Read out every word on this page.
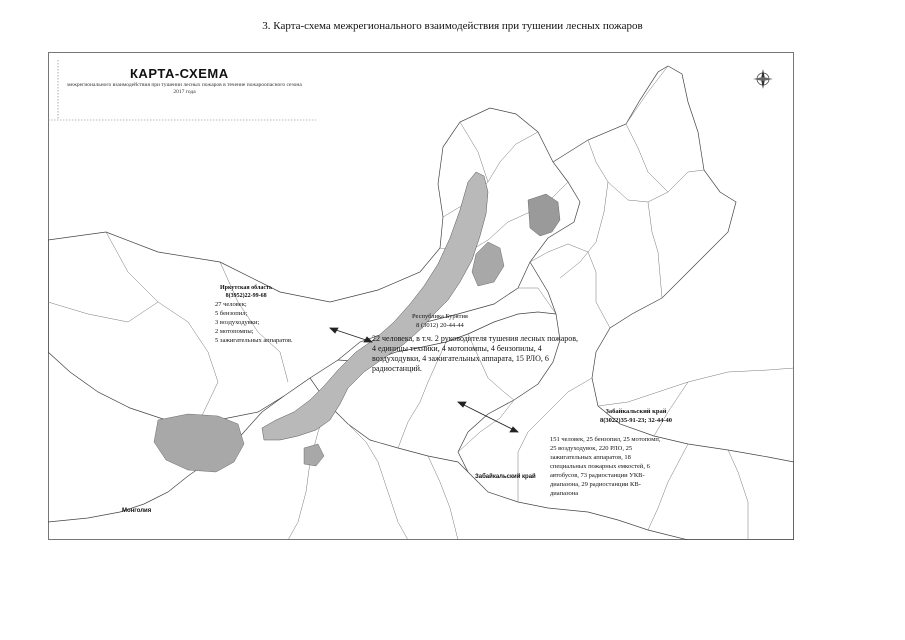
3. Карта-схема межрегионального взаимодействия при тушении лесных пожаров
КАРТА-СХЕМА
межрегионального взаимодействия при тушении лесных пожаров в течение пожароопасного сезона 2017 года
Иркутская область
8(3952)22-99-68
27 человек;
5 бензопил;
3 воздуходувки;
2 мотопомпы;
5 зажигательных аппаратов.
Республика Бурятия
8 (3012) 20-44-44
22 человека, в т.ч. 2 руководителя тушения лесных пожаров, 4 единицы техники, 4 мотопомпы, 4 бензопилы, 4 воздуходувки, 4 зажигательных аппарата, 15 РЛО, 6 радиостанций.
Забайкальский край
8(3022)35-91-23; 32-44-40
151 человек, 25 бензопил, 25 мотопомп, 25 воздуходувок, 220 РЛО, 25 зажигательных аппаратов, 18 специальных пожарных емкостей, 6 автобусов, 73 радиостанции УКВ-диапазона, 29 радиостанции КВ-диапазона
Забайкальский край
Монголия
